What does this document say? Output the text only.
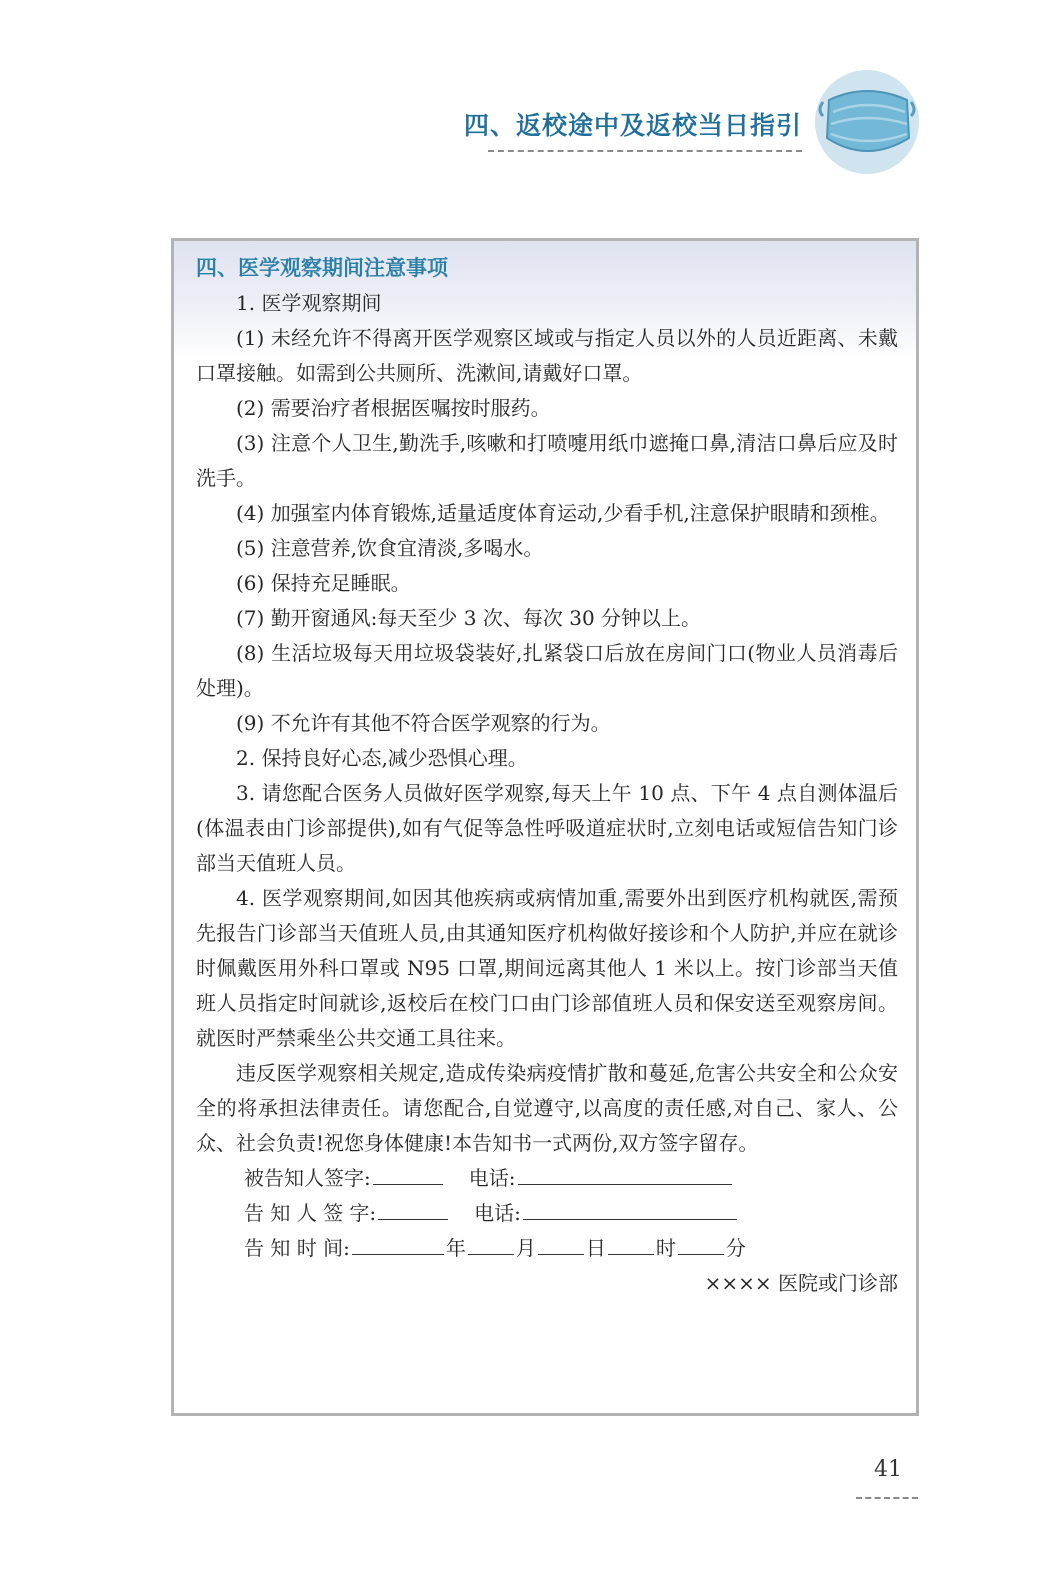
四、返校途中及返校当日指引
四、医学观察期间注意事项
1. 医学观察期间
(1) 未经允许不得离开医学观察区域或与指定人员以外的人员近距离、未戴口罩接触。如需到公共厕所、洗漱间,请戴好口罩。
(2) 需要治疗者根据医嘱按时服药。
(3) 注意个人卫生,勤洗手,咳嗽和打喷嚏用纸巾遮掩口鼻,清洁口鼻后应及时洗手。
(4) 加强室内体育锻炼,适量适度体育运动,少看手机,注意保护眼睛和颈椎。
(5) 注意营养,饮食宜清淡,多喝水。
(6) 保持充足睡眠。
(7) 勤开窗通风:每天至少 3 次、每次 30 分钟以上。
(8) 生活垃圾每天用垃圾袋装好,扎紧袋口后放在房间门口(物业人员消毒后处理)。
(9) 不允许有其他不符合医学观察的行为。
2. 保持良好心态,减少恐惧心理。
3. 请您配合医务人员做好医学观察,每天上午 10 点、下午 4 点自测体温后(体温表由门诊部提供),如有气促等急性呼吸道症状时,立刻电话或短信告知门诊部当天值班人员。
4. 医学观察期间,如因其他疾病或病情加重,需要外出到医疗机构就医,需预先报告门诊部当天值班人员,由其通知医疗机构做好接诊和个人防护,并应在就诊时佩戴医用外科口罩或 N95 口罩,期间远离其他人 1 米以上。按门诊部当天值班人员指定时间就诊,返校后在校门口由门诊部值班人员和保安送至观察房间。就医时严禁乘坐公共交通工具往来。
违反医学观察相关规定,造成传染病疫情扩散和蔓延,危害公共安全和公众安全的将承担法律责任。请您配合,自觉遵守,以高度的责任感,对自己、家人、公众、社会负责!祝您身体健康!本告知书一式两份,双方签字留存。
被告知人签字:	电话:
告 知 人 签 字:	电话:
告 知 时 间:	年	月	日	时	分
×××× 医院或门诊部
41
